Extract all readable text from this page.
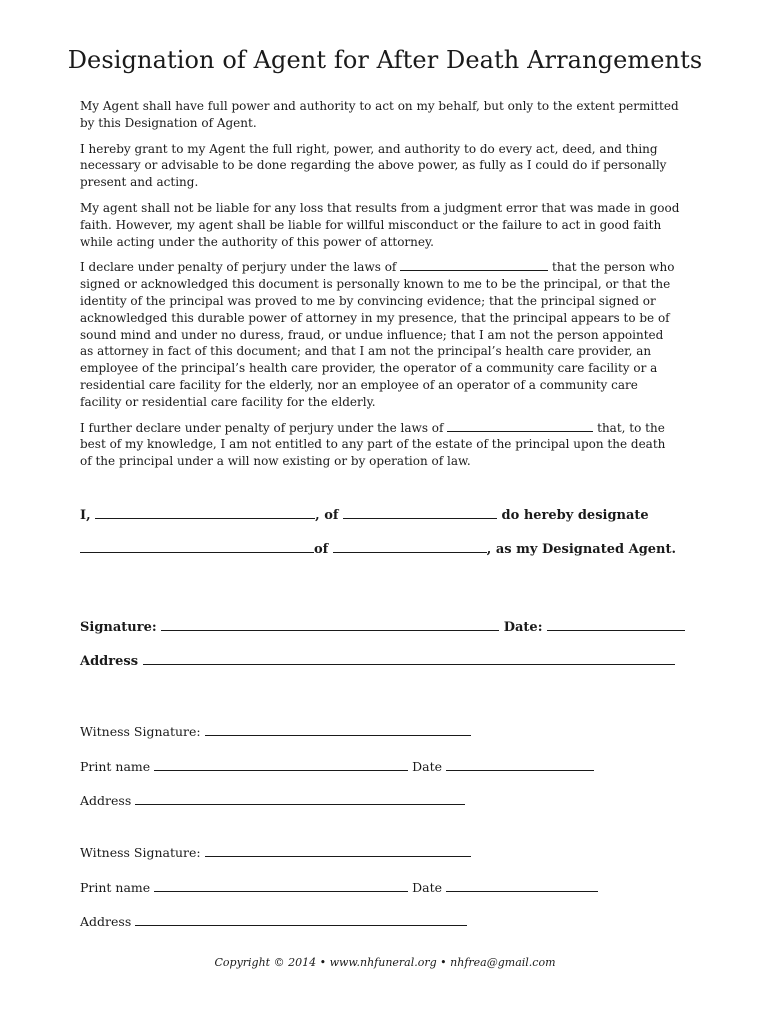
Designation of Agent for After Death Arrangements

My Agent shall have full power and authority to act on my behalf, but only to the extent permitted by this Designation of Agent.

I hereby grant to my Agent the full right, power, and authority to do every act, deed, and thing necessary or advisable to be done regarding the above power, as fully as I could do if personally present and acting.

My agent shall not be liable for any loss that results from a judgment error that was made in good faith. However, my agent shall be liable for willful misconduct or the failure to act in good faith while acting under the authority of this power of attorney.

I declare under penalty of perjury under the laws of	that the person who signed or acknowledged this document is personally known to me to be the principal, or that the identity of the principal was proved to me by convincing evidence; that the principal signed or acknowledged this durable power of attorney in my presence, that the principal appears to be of sound mind and under no duress, fraud, or undue influence; that I am not the person appointed as attorney in fact of this document; and that I am not the principal’s health care provider, an employee of the principal’s health care provider, the operator of a community care facility or a residential care facility for the elderly, nor an employee of an operator of a community care facility or residential care facility for the elderly.

I further declare under penalty of perjury under the laws of	that, to the best of my knowledge, I am not entitled to any part of the estate of the principal upon the death of the principal under a will now existing or by operation of law.

I,	, of	do hereby designate
of	, as my Designated Agent.
Signature:	Date:
Address
Witness Signature:
Print name	Date
Address
Witness Signature:
Print name	Date
Address
Copyright © 2014 • www.nhfuneral.org • nhfrea@gmail.com
